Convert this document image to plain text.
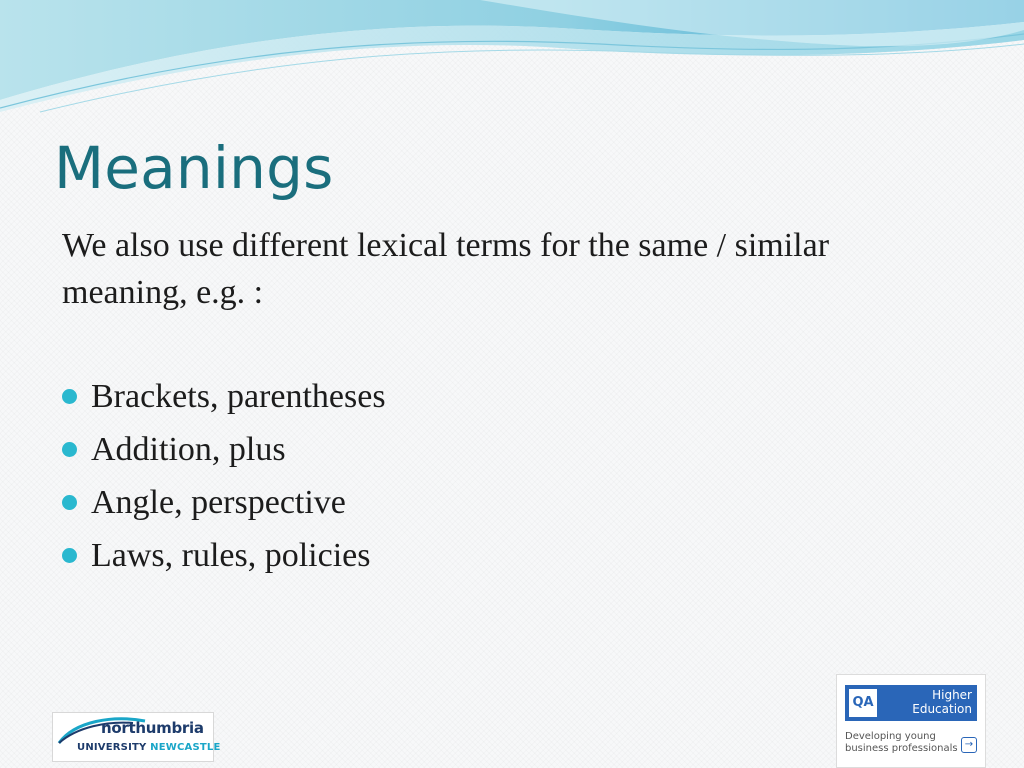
Meanings

We also use different lexical terms for the same / similar
meaning, e.g. :

Brackets, parentheses
Addition, plus
Angle, perspective
Laws, rules, policies
northumbria
UNIVERSITY NEWCASTLE
QA	Higher
Education
Developing young
business professionals →
